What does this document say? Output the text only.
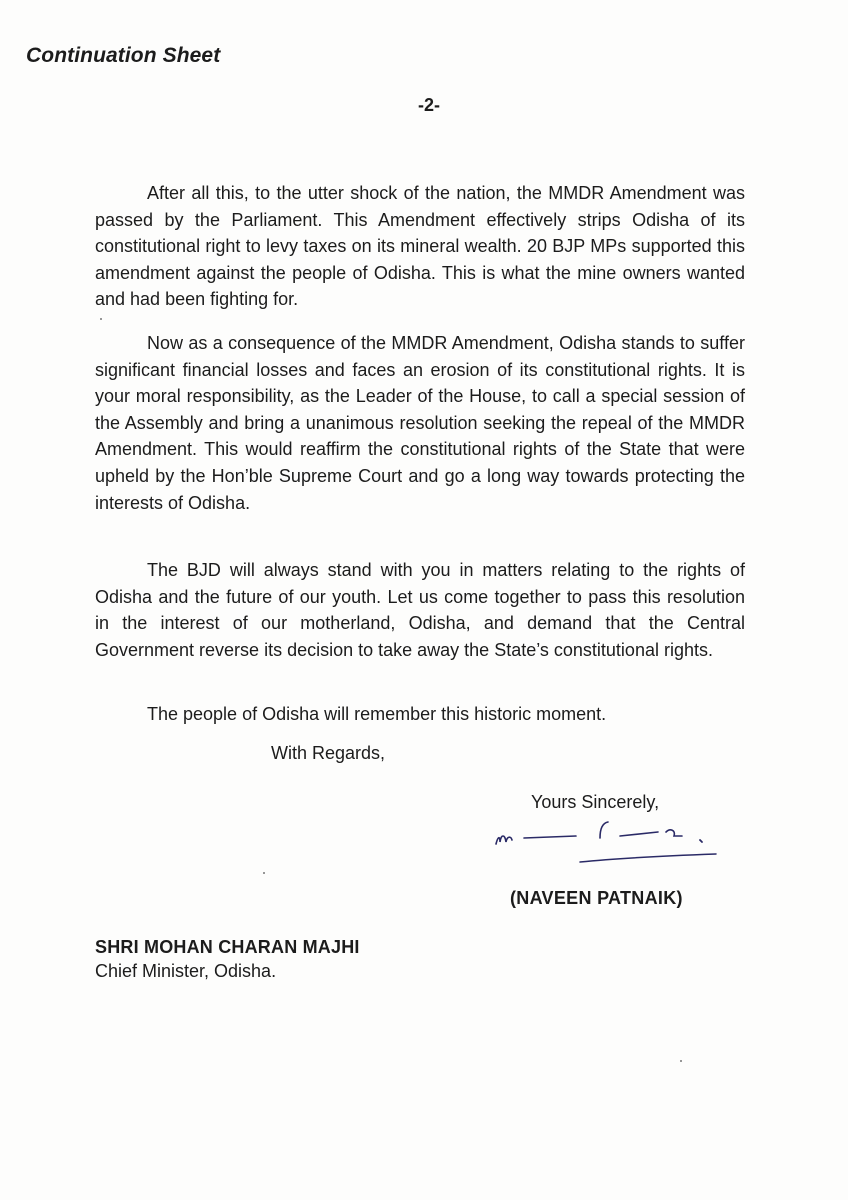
Continuation Sheet
-2-

After all this, to the utter shock of the nation, the MMDR Amendment was passed by the Parliament. This Amendment effectively strips Odisha of its constitutional right to levy taxes on its mineral wealth. 20 BJP MPs supported this amendment against the people of Odisha. This is what the mine owners wanted and had been fighting for.

Now as a consequence of the MMDR Amendment, Odisha stands to suffer significant financial losses and faces an erosion of its constitutional rights. It is your moral responsibility, as the Leader of the House, to call a special session of the Assembly and bring a unanimous resolution seeking the repeal of the MMDR Amendment. This would reaffirm the constitutional rights of the State that were upheld by the Hon’ble Supreme Court and go a long way towards protecting the interests of Odisha.

The BJD will always stand with you in matters relating to the rights of Odisha and the future of our youth. Let us come together to pass this resolution in the interest of our motherland, Odisha, and demand that the Central Government reverse its decision to take away the State’s constitutional rights.

The people of Odisha will remember this historic moment.
With Regards,
Yours Sincerely,
(NAVEEN PATNAIK)
SHRI MOHAN CHARAN MAJHI
Chief Minister, Odisha.
